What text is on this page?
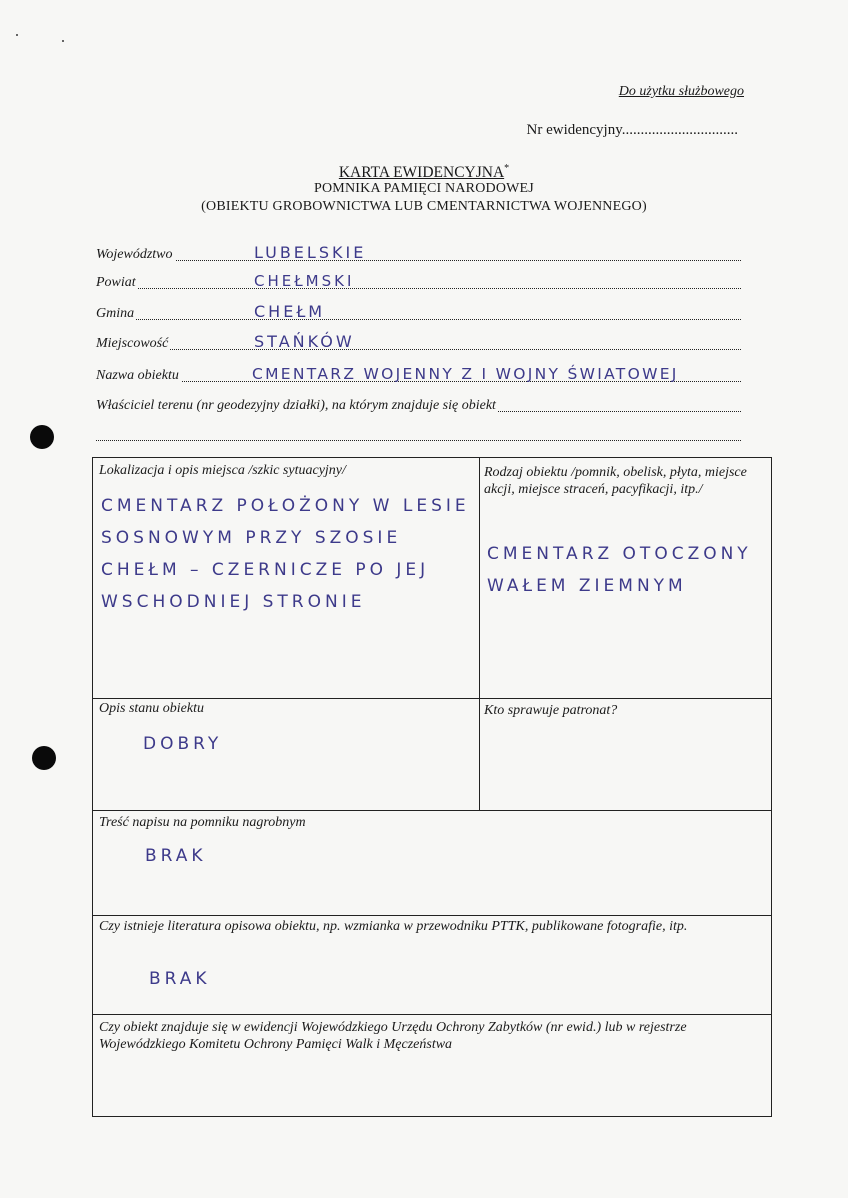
Do użytku służbowego
Nr ewidencyjny...............................
KARTA EWIDENCYJNA*
POMNIKA PAMIĘCI NARODOWEJ
(OBIEKTU GROBOWNICTWA LUB CMENTARNICTWA WOJENNEGO)
Województwo	LUBELSKIE
Powiat	CHEŁMSKI
Gmina	CHEŁM
Miejscowość	STAŃKÓW
Nazwa obiektu	CMENTARZ WOJENNY Z I WOJNY ŚWIATOWEJ
Właściciel terenu (nr geodezyjny działki), na którym znajduje się obiekt
Lokalizacja i opis miejsca /szkic sytuacyjny/
CMENTARZ POŁOŻONY W LESIE
SOSNOWYM PRZY SZOSIE
CHEŁM – CZERNICZE PO JEJ
WSCHODNIEJ STRONIE
Rodzaj obiektu /pomnik, obelisk, płyta, miejsce akcji, miejsce straceń, pacyfikacji, itp./
CMENTARZ OTOCZONY
WAŁEM ZIEMNYM
Opis stanu obiektu
DOBRY
Kto sprawuje patronat?
Treść napisu na pomniku nagrobnym
BRAK
Czy istnieje literatura opisowa obiektu, np. wzmianka w przewodniku PTTK, publikowane fotografie, itp.
BRAK
Czy obiekt znajduje się w ewidencji Wojewódzkiego Urzędu Ochrony Zabytków (nr ewid.) lub w rejestrze Wojewódzkiego Komitetu Ochrony Pamięci Walk i Męczeństwa
